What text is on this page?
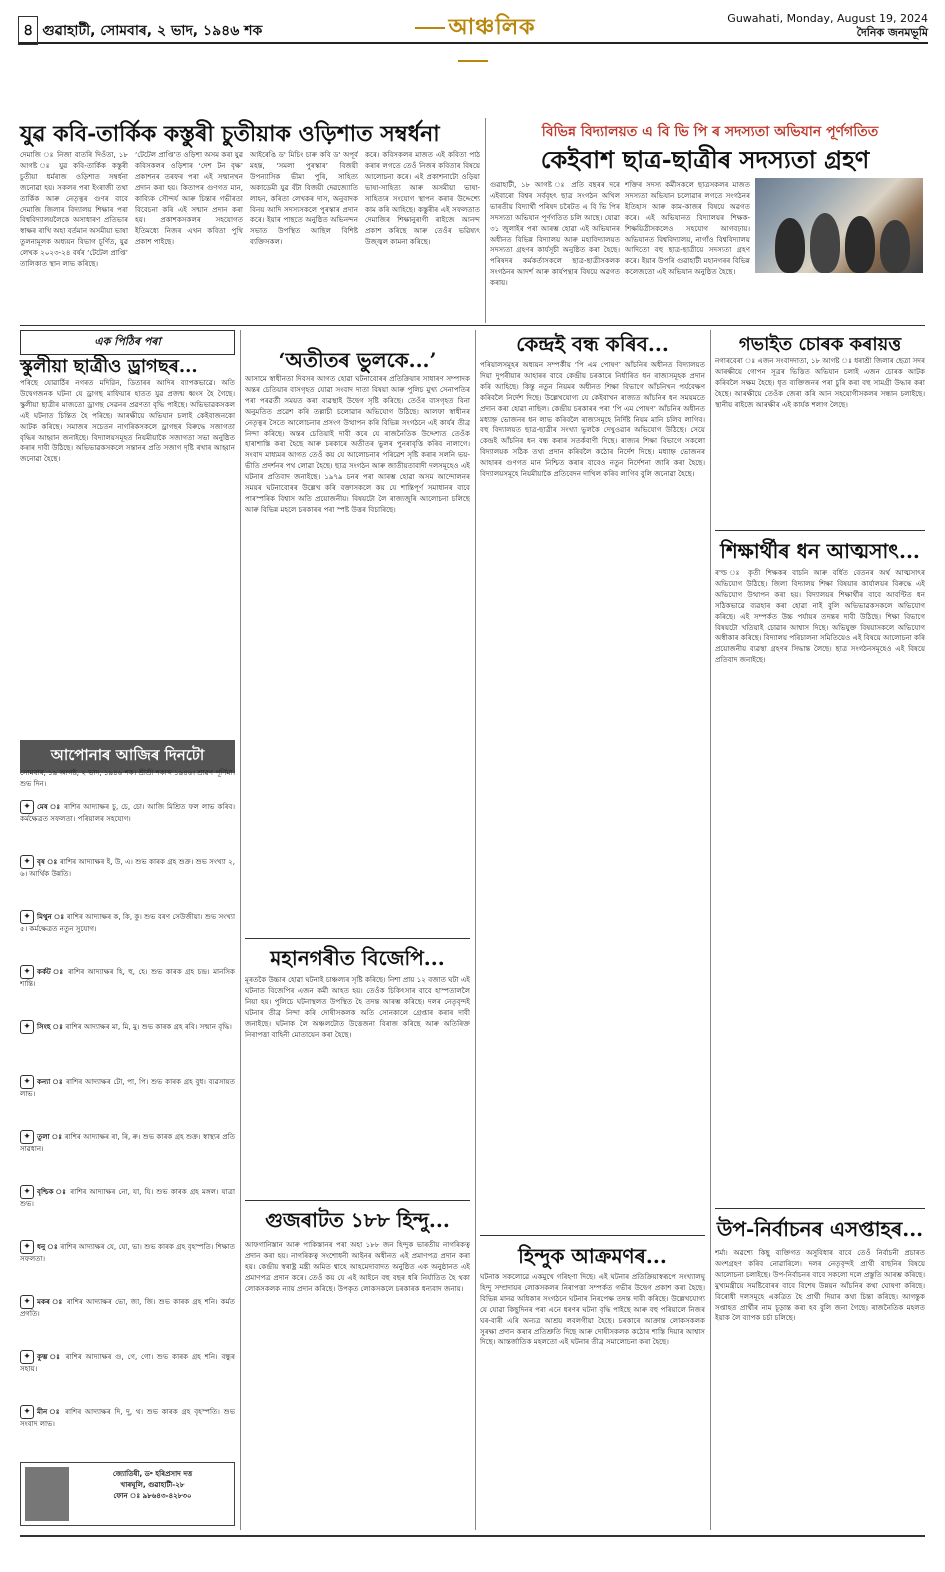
৪ গুৱাহাটী, সোমবাৰ, ২ ভাদ, ১৯৪৬ শক	আঞ্চলিক	Guwahati, Monday, August 19, 2024
দৈনিক জনমভূমি
যুৱ কবি-তাৰ্কিক কস্তুৰী চুতীয়াক ওড়িশাত সম্বৰ্ধনা
দেমাজি ঃ নিজা বাতৰি দিওঁতা, ১৮ আগষ্ট ঃ যুৱ কবি-তাৰ্কিক কস্তুৰী চুতীয়া ধৰ্মৰাজ ওড়িশাত সম্বৰ্ধনা জনোৱা হয়। সকলৰ পৰা ইংৰাজী তথা তাৰ্কিক আৰু নেতৃত্বৰ গুণৰ বাবে দেমাজি জিলাৰ বিদ্যালয় শিক্ষাৰ পৰা বিশ্ববিদ্যালয়লৈকে অসাধাৰণ প্ৰতিভাৰ স্বাক্ষৰ ৰাখি অহা বৰ্তমান অসমীয়া ভাষা তুলনামূলক অধ্যয়ন বিভাগ চূৰ্ণিত, যুৱ লেখক ২০২৩-২৪ বৰ্ষৰ ‘টেটেল প্ৰাপ্তি’ তালিকাত স্থান লাভ কৰিছে।
‘টেটেল প্ৰাপ্তি’ত ওড়িশা অসম কৰা যুৱ কবিসকলৰ ওড়িশাৰ ‘দেশ টন বৃক্ষ’ প্ৰকাশনৰ তৰফৰ পৰা এই সন্মানখন প্ৰদান কৰা হয়। কিতাপৰ গুণগত মান, কাব্যিক সৌন্দৰ্য আৰু চিন্তাৰ গভীৰতা বিবেচনা কৰি এই সন্মান প্ৰদান কৰা হয়। প্ৰকাশকসকলৰ সহযোগত ইতিমধ্যে নিজৰ এখন কবিতা পুথি প্ৰকাশ পাইছে।
আইৰেঙি ড' মিচিং চাৰু কবি ড' অপূৰ্ব মহন্ত, ‘সমলা পুৰস্কাৰ’ বিজয়ী উপন্যাসিক ভীমা পুৰি, সাহিত্য অকাডেমী যুৱ বঁটা বিজয়ী দেৱজ্যোতি লাহন, কৰিতা লেখকৰ দাস, অনুবাদক বিনয় আদি সদস্যসকলে পুৰস্কাৰ প্ৰদান কৰে। ইয়াৰ পাছতে অনুষ্ঠিত অভিনন্দন সভাত উপস্থিত আছিল বিশিষ্ট ব্যক্তিসকল।
কৰে। কবিসকলৰ মাজত এই কবিতা পাঠ কৰাৰ লগতে তেওঁ নিজৰ কবিতাৰ বিষয়ে আলোচনা কৰে। এই প্ৰকাশনাটো ওড়িয়া ভাষা-সাহিত্য আৰু অসমীয়া ভাষা-সাহিত্যৰ সংযোগ স্থাপন কৰাৰ উদ্দেশ্যে কাম কৰি আহিছে। কস্তুৰীৰ এই সফলতাত দেমাজিৰ শিক্ষানুৰাগী ৰাইজে আনন্দ প্ৰকাশ কৰিছে আৰু তেওঁৰ ভৱিষ্যৎ উজ্জ্বল কামনা কৰিছে।
বিভিন্ন বিদ্যালয়ত এ বি ভি পি ৰ সদস্যতা অভিযান পূৰ্ণগতিত
কেইবাশ ছাত্ৰ-ছাত্ৰীৰ সদস্যতা গ্ৰহণ
গুৱাহাটী, ১৮ আগষ্ট ঃ প্ৰতি বছৰৰ দৰে এইবাৰো বিশ্বৰ সৰ্ববৃহৎ ছাত্ৰ সংগঠন অখিল ভাৰতীয় বিদ্যাৰ্থী পৰিষদ চৰৈটত এ বি ভি পিৰ সদস্যতা অভিযান পূৰ্ণগতিত চলি আছে। যোৱা ৩১ জুলাইৰ পৰা আৰম্ভ হোৱা এই অভিযানৰ অধীনত বিভিন্ন বিদ্যালয় আৰু মহাবিদ্যালয়ত সদস্যতা গ্ৰহণৰ কাৰ্যসূচী অনুষ্ঠিত কৰা হৈছে। পৰিষদৰ কৰ্মকৰ্তাসকলে ছাত্ৰ-ছাত্ৰীসকলক সংগঠনৰ আদৰ্শ আৰু কাৰ্যপন্থাৰ বিষয়ে অৱগত কৰায়।
শক্তিৰ সদস্য কৰ্মীসকলে ছাত্ৰসকলৰ মাজত সদস্যতা অভিযান চলোৱাৰ লগতে সংগঠনৰ ইতিহাস আৰু কাম-কাজৰ বিষয়ে অৱগত কৰে। এই অভিযানত বিদ্যালয়ৰ শিক্ষক-শিক্ষয়িত্ৰীসকলেও সহযোগ আগবঢ়ায়। অভিযানত বিশ্ববিদ্যালয়, নাগাঁও বিশ্ববিদ্যালয় আদিতো বহু ছাত্ৰ-ছাত্ৰীয়ে সদস্যতা গ্ৰহণ কৰে। ইয়াৰ উপৰি গুৱাহাটী মহানগৰৰ বিভিন্ন কলেজতো এই অভিযান অনুষ্ঠিত হৈছে।
এক পিঠিৰ পৰা
স্কুলীয়া ছাত্ৰীও ড্ৰাগছৰ...
পৰিছে যোৱাৰ্ঠিৰ নগৰত মদিরিন, ডিতাৰৰ আদিৰ ব্যাপকভাৱে। অতি উদ্বেগজনক ঘটনা যে ড্ৰাগছ মাফিয়াৰ হাতত যুৱ প্ৰজন্ম ধ্বংস হৈ গৈছে। স্কুলীয়া ছাত্ৰীৰ মাজতো ড্ৰাগছ সেৱনৰ প্ৰৱণতা বৃদ্ধি পাইছে। অভিভাৱকসকল এই ঘটনাত চিন্তিত হৈ পৰিছে। আৰক্ষীয়ে অভিযান চলাই কেইবাজনকো আটক কৰিছে। সমাজৰ সচেতন নাগৰিকসকলে ড্ৰাগছৰ বিৰুদ্ধে সজাগতা বৃদ্ধিৰ আহ্বান জনাইছে। বিদ্যালয়সমূহত নিয়মীয়াকৈ সজাগতা সভা অনুষ্ঠিত কৰাৰ দাবী উঠিছে। অভিভাৱকসকলে সন্তানৰ প্ৰতি সজাগ দৃষ্টি ৰখাৰ আহ্বান জনোৱা হৈছে।
আপোনাৰ আজিৰ দিনটো
সোমবাৰ, ১৯ আগষ্ট, ২ ভাদ, ১৯৪৬ শক। শ্ৰীশ্ৰী শকাব্দ ১৯৪৬। শ্ৰাৱণ পূৰ্ণিমা। শুভ দিন।
✦ মেষ ঃ ৰাশিৰ আদ্যাক্ষৰ চু, চে, চো। আজি মিশ্ৰিত ফল লাভ কৰিব। কৰ্মক্ষেত্ৰত সফলতা। পৰিয়ালৰ সহযোগ।
✦ বৃষ ঃ ৰাশিৰ আদ্যাক্ষৰ ই, উ, এ। শুভ কাৰক গ্ৰহ শুক্ৰ। শুভ সংখ্যা ২, ৬। আৰ্থিক উন্নতি।
✦ মিথুন ঃ ৰাশিৰ আদ্যাক্ষৰ ক, কি, কু। শুভ বৰণ সেউজীয়া। শুভ সংখ্যা ৫। কৰ্মক্ষেত্ৰত নতুন সুযোগ।
✦ কৰ্কট ঃ ৰাশিৰ আদ্যাক্ষৰ হি, হু, হে। শুভ কাৰক গ্ৰহ চন্দ্ৰ। মানসিক শান্তি।
✦ সিংহ ঃ ৰাশিৰ আদ্যাক্ষৰ মা, মি, মু। শুভ কাৰক গ্ৰহ ৰবি। সন্মান বৃদ্ধি।
✦ কন্যা ঃ ৰাশিৰ আদ্যাক্ষৰ টো, পা, পি। শুভ কাৰক গ্ৰহ বুধ। ব্যৱসায়ত লাভ।
✦ তুলা ঃ ৰাশিৰ আদ্যাক্ষৰ ৰা, ৰি, ৰু। শুভ কাৰক গ্ৰহ শুক্ৰ। স্বাস্থ্যৰ প্ৰতি সাৱধান।
✦ বৃশ্চিক ঃ ৰাশিৰ আদ্যাক্ষৰ নো, যা, যি। শুভ কাৰক গ্ৰহ মঙ্গল। যাত্ৰা শুভ।
✦ ধনু ঃ ৰাশিৰ আদ্যাক্ষৰ যে, যো, ভা। শুভ কাৰক গ্ৰহ বৃহস্পতি। শিক্ষাত সফলতা।
✦ মকৰ ঃ ৰাশিৰ আদ্যাক্ষৰ ভো, জা, জি। শুভ কাৰক গ্ৰহ শনি। কৰ্মত প্ৰগতি।
✦ কুম্ভ ঃ ৰাশিৰ আদ্যাক্ষৰ গু, গে, গো। শুভ কাৰক গ্ৰহ শনি। বন্ধুৰ সহায়।
✦ মীন ঃ ৰাশিৰ আদ্যাক্ষৰ দি, দু, থ। শুভ কাৰক গ্ৰহ বৃহস্পতি। শুভ সংবাদ লাভ।
জ্যোতিষী, ড॰ হৰিপ্ৰসাদ দত্ত
খাৰঘূলি, গুৱাহাটী-২৮
ফোন ঃ ৯৮৬৪৩-৪২৮৩০
‘অতীতৰ ভুলকে...’
আসামে স্বাধীনতা দিবসৰ আগত হোৱা ঘটনাবোৰৰ প্ৰতিক্ৰিয়াৰ সাধাৰণ সম্পাদক অন্তৰ চেতিয়াৰ বাসগৃহত যোৱা সংবাদ দাতা বিষয়া আৰু পুলিচ মুখ্য সেনাপতিৰ পৰা পৰৱৰ্তী সময়ত কৰা ব্যৱস্থাই উদ্বেগ সৃষ্টি কৰিছে। তেওঁৰ বাসগৃহত বিনা অনুমতিত প্ৰৱেশ কৰি তল্লাচী চলোৱাৰ অভিযোগ উঠিছে। আলফা স্বাধীনৰ নেতৃত্বৰ সৈতে আলোচনাৰ প্ৰসংগ উত্থাপন কৰি বিভিন্ন সংগঠনে এই কাৰ্যৰ তীব্ৰ নিন্দা কৰিছে। অন্তৰ চেতিয়াই দাবী কৰে যে ৰাজনৈতিক উদ্দেশ্যত তেওঁক হাৰাশাস্তি কৰা হৈছে আৰু চৰকাৰে অতীতৰ ভুলৰ পুনৰাবৃত্তি কৰিব নালাগে। সংবাদ মাধ্যমৰ আগত তেওঁ কয় যে আলোচনাৰ পৰিৱেশ সৃষ্টি কৰাৰ সলনি ভয়-ভীতি প্ৰদৰ্শনৰ পথ লোৱা হৈছে। ছাত্ৰ সংগঠন আৰু জাতীয়তাবাদী দলসমূহেও এই ঘটনাৰ প্ৰতিবাদ জনাইছে। ১৯৭৯ চনৰ পৰা আৰম্ভ হোৱা অসম আন্দোলনৰ সময়ৰ ঘটনাবোৰৰ উল্লেখ কৰি বক্তাসকলে কয় যে শান্তিপূৰ্ণ সমাধানৰ বাবে পাৰস্পৰিক বিশ্বাস অতি প্ৰয়োজনীয়। বিষয়টো লৈ ৰাজ্যজুৰি আলোচনা চলিছে আৰু বিভিন্ন মহলে চৰকাৰৰ পৰা স্পষ্ট উত্তৰ বিচাৰিছে।
মহানগৰীত বিজেপি...
মূৰতকৈ উচ্চাৰ হোৱা ঘটনাই চাঞ্চল্যৰ সৃষ্টি কৰিছে। নিশা প্ৰায় ১২ বজাত ঘটা এই ঘটনাত বিজেপিৰ এজন কৰ্মী আহত হয়। তেওঁক চিকিৎসাৰ বাবে হাস্পতাললৈ নিয়া হয়। পুলিচে ঘটনাস্থলত উপস্থিত হৈ তদন্ত আৰম্ভ কৰিছে। দলৰ নেতৃবৃন্দই ঘটনাৰ তীব্ৰ নিন্দা কৰি দোষীসকলক অতি সোনকালে গ্ৰেপ্তাৰ কৰাৰ দাবী জনাইছে। ঘটনাক লৈ অঞ্চলটোত উত্তেজনা বিৰাজ কৰিছে আৰু অতিৰিক্ত নিৰাপত্তা বাহিনী মোতায়েন কৰা হৈছে।
গুজৰাটত ১৮৮ হিন্দু...
আফগানিস্তান আৰু পাকিস্তানৰ পৰা অহা ১৮৮ জন হিন্দুক ভাৰতীয় নাগৰিকত্ব প্ৰদান কৰা হয়। নাগৰিকত্ব সংশোধনী আইনৰ অধীনত এই প্ৰমাণপত্ৰ প্ৰদান কৰা হয়। কেন্দ্ৰীয় স্বৰাষ্ট্ৰ মন্ত্ৰী অমিত শ্বাহে আহমেদাবাদত অনুষ্ঠিত এক অনুষ্ঠানত এই প্ৰমাণপত্ৰ প্ৰদান কৰে। তেওঁ কয় যে এই আইনে বহু বছৰ ধৰি নিৰ্যাতিত হৈ থকা লোকসকলক ন্যায় প্ৰদান কৰিছে। উপকৃত লোকসকলে চৰকাৰক ধন্যবাদ জনায়।
কেন্দ্ৰই বন্ধ কৰিব...
পৰিয়ালসমূহৰ অধ্যয়ন সম্পৰ্কীয় ‘পি এম পোষণ’ আঁচনিৰ অধীনত বিদ্যালয়ত দিয়া দুপৰীয়াৰ আহাৰৰ বাবে কেন্দ্ৰীয় চৰকাৰে নিৰ্ধাৰিত ধন ৰাজ্যসমূহক প্ৰদান কৰি আহিছে। কিন্তু নতুন নিয়মৰ অধীনত শিক্ষা বিভাগে আঁচনিখন পৰ্যবেক্ষণ কৰিবলৈ নিৰ্দেশ দিছে। উল্লেখযোগ্য যে কেইবাখন ৰাজ্যত আঁচনিৰ ধন সময়মতে প্ৰদান কৰা হোৱা নাছিল। কেন্দ্ৰীয় চৰকাৰৰ পৰা ‘পি এম পোষণ’ আঁচনিৰ অধীনত মধ্যাহ্ন ভোজনৰ ধন লাভ কৰিবলৈ ৰাজ্যসমূহে নিৰ্দিষ্ট নিয়ম মানি চলিব লাগিব। বহু বিদ্যালয়ত ছাত্ৰ-ছাত্ৰীৰ সংখ্যা ভুলকৈ দেখুওৱাৰ অভিযোগ উঠিছে। সেয়ে কেন্দ্ৰই আঁচনিৰ ধন বন্ধ কৰাৰ সতৰ্কবাণী দিছে। ৰাজ্যৰ শিক্ষা বিভাগে সকলো বিদ্যালয়ক সঠিক তথ্য প্ৰদান কৰিবলৈ কঠোৰ নিৰ্দেশ দিছে। মধ্যাহ্ন ভোজনৰ আহাৰৰ গুণগত মান নিশ্চিত কৰাৰ বাবেও নতুন নিৰ্দেশনা জাৰি কৰা হৈছে। বিদ্যালয়সমূহে নিয়মীয়াকৈ প্ৰতিবেদন দাখিল কৰিব লাগিব বুলি জনোৱা হৈছে।
হিন্দুক আক্ৰমণৰ...
ঘটনাক সকলোৱে একমুখে গৰিহণা দিছে। এই ঘটনাৰ প্ৰতিক্ৰিয়াস্বৰূপে সংখ্যালঘু হিন্দু সম্প্ৰদায়ৰ লোকসকলৰ নিৰাপত্তা সম্পৰ্কত গভীৰ উদ্বেগ প্ৰকাশ কৰা হৈছে। বিভিন্ন মানৱ অধিকাৰ সংগঠনে ঘটনাৰ নিৰপেক্ষ তদন্ত দাবী কৰিছে। উল্লেখযোগ্য যে যোৱা কিছুদিনৰ পৰা এনে ধৰণৰ ঘটনা বৃদ্ধি পাইছে আৰু বহু পৰিয়ালে নিজৰ ঘৰ-বাৰী এৰি অন্যত্ৰ আশ্ৰয় লবলগীয়া হৈছে। চৰকাৰে আক্ৰান্ত লোকসকলক সুৰক্ষা প্ৰদান কৰাৰ প্ৰতিশ্ৰুতি দিছে আৰু দোষীসকলক কঠোৰ শাস্তি দিয়াৰ আশ্বাস দিছে। আন্তৰ্জাতিক মহলতো এই ঘটনাৰ তীব্ৰ সমালোচনা কৰা হৈছে।
গভাইত চোৰক কৰায়ত্ত
নগাৰবেৰা ঃ এজন সংবাদদাতা, ১৮ আগষ্ট ঃ ধৰাশ্ৰী জিলাৰ ছেত্ৰা সদৰ আৰক্ষীয়ে গোপন সূত্ৰৰ ভিত্তিত অভিযান চলাই এজন চোৰক আটক কৰিবলৈ সক্ষম হৈছে। ধৃত ব্যক্তিজনৰ পৰা চুৰি কৰা বহু সামগ্ৰী উদ্ধাৰ কৰা হৈছে। আৰক্ষীয়ে তেওঁক জেৰা কৰি আন সহযোগীসকলৰ সন্ধান চলাইছে। স্থানীয় ৰাইজে আৰক্ষীৰ এই কাৰ্যক শলাগ লৈছে।
শিক্ষাৰ্থীৰ ধন আত্মসাৎ...
ৰ'ল্ড ঃ কৃতী শিক্ষকৰ বাচনি আৰু বৰ্ধিত বেতনৰ অৰ্থ আত্মসাৎৰ অভিযোগ উঠিছে। জিলা বিদ্যালয় শিক্ষা বিষয়াৰ কাৰ্যালয়ৰ বিৰুদ্ধে এই অভিযোগ উত্থাপন কৰা হয়। বিদ্যালয়ৰ শিক্ষাৰ্থীৰ বাবে আবণ্টিত ধন সঠিকভাৱে ব্যৱহাৰ কৰা হোৱা নাই বুলি অভিভাৱকসকলে অভিযোগ কৰিছে। এই সম্পৰ্কত উচ্চ পৰ্যায়ৰ তদন্তৰ দাবী উঠিছে। শিক্ষা বিভাগে বিষয়টো খতিয়াই চোৱাৰ আশ্বাস দিছে। অভিযুক্ত বিষয়াসকলে অভিযোগ অস্বীকাৰ কৰিছে। বিদ্যালয় পৰিচালনা সমিতিয়েও এই বিষয়ে আলোচনা কৰি প্ৰয়োজনীয় ব্যৱস্থা গ্ৰহণৰ সিদ্ধান্ত লৈছে। ছাত্ৰ সংগঠনসমূহেও এই বিষয়ে প্ৰতিবাদ জনাইছে।
উপ-নিৰ্বাচনৰ এসপ্তাহৰ...
শৰ্মা। অৱশ্যে কিছু ব্যক্তিগত অসুবিধাৰ বাবে তেওঁ নিৰ্বাচনী প্ৰচাৰত অংশগ্ৰহণ কৰিব নোৱাৰিলে। দলৰ নেতৃবৃন্দই প্ৰাৰ্থী বাছনিৰ বিষয়ে আলোচনা চলাইছে। উপ-নিৰ্বাচনৰ বাবে সকলো দলে প্ৰস্তুতি আৰম্ভ কৰিছে। মুখ্যমন্ত্ৰীয়ে সমষ্টিবোৰৰ বাবে বিশেষ উন্নয়ন আঁচনিৰ কথা ঘোষণা কৰিছে। বিৰোধী দলসমূহে একত্ৰিত হৈ প্ৰাৰ্থী দিয়াৰ কথা চিন্তা কৰিছে। আগন্তুক সপ্তাহত প্ৰাৰ্থীৰ নাম চূড়ান্ত কৰা হব বুলি জনা গৈছে। ৰাজনৈতিক মহলত ইয়াক লৈ ব্যাপক চৰ্চা চলিছে।
